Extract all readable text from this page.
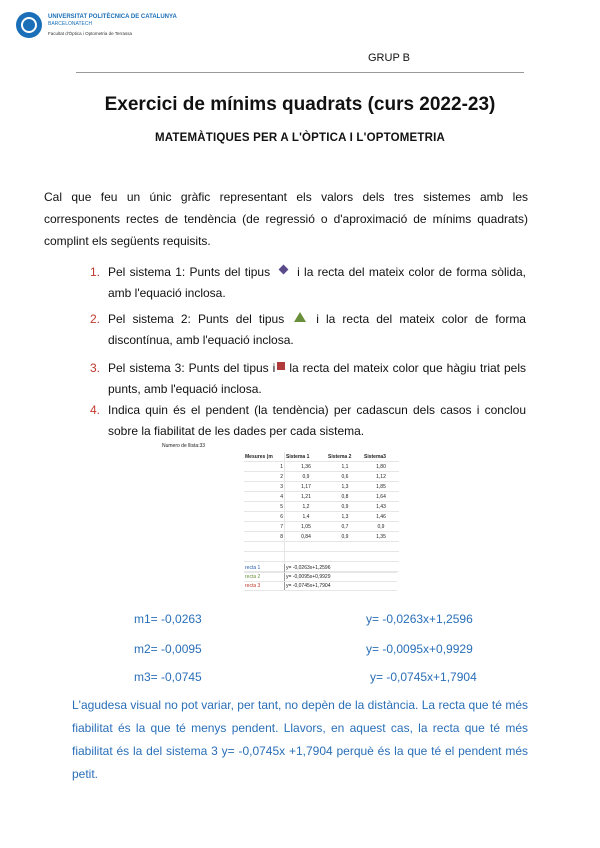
UNIVERSITAT POLITÈCNICA DE CATALUNYA
BARCELONATECH
Facultat d'Òptica i Optometria de Terrassa
GRUP B
Exercici de mínims quadrats (curs 2022-23)
MATEMÀTIQUES PER A L'ÒPTICA I L'OPTOMETRIA
Cal que feu un únic gràfic representant els valors dels tres sistemes amb les corresponents rectes de tendència (de regressió o d'aproximació de mínims quadrats) complint els següents requisits.
1. Pel sistema 1: Punts del tipus i la recta del mateix color de forma sòlida, amb l'equació inclosa.
2. Pel sistema 2: Punts del tipus	i la recta del mateix color de forma discontínua, amb l'equació inclosa.
3. Pel sistema 3: Punts del tipus i la recta del mateix color que hàgiu triat pels punts, amb l'equació inclosa.
4. Indica quin és el pendent (la tendència) per cadascun dels casos i conclou sobre la fiabilitat de les dades per cada sistema.
Numero de llista:33
Mesures (m	Sistema 1	Sistema 2	Sistema3
1	1,36	1,1	1,80
2	0,9	0,6	1,12
3	1,17	1,3	1,85
4	1,21	0,8	1,64
5	1,2	0,9	1,43
6	1,4	1,3	1,46
7	1,05	0,7	0,9
8	0,84	0,9	1,35

recta 1	y= -0,0263x+1,2596
recta 2	y= -0,0095x+0,9929
recta 3	y= -0,0745x+1,7904
m1= -0,0263	y= -0,0263x+1,2596
m2= -0,0095	y= -0,0095x+0,9929
m3= -0,0745	y= -0,0745x+1,7904
L'agudesa visual no pot variar, per tant, no depèn de la distància. La recta que té més fiabilitat és la que té menys pendent. Llavors, en aquest cas, la recta que té més fiabilitat és la del sistema 3 y= -0,0745x +1,7904 perquè és la que té el pendent més petit.
